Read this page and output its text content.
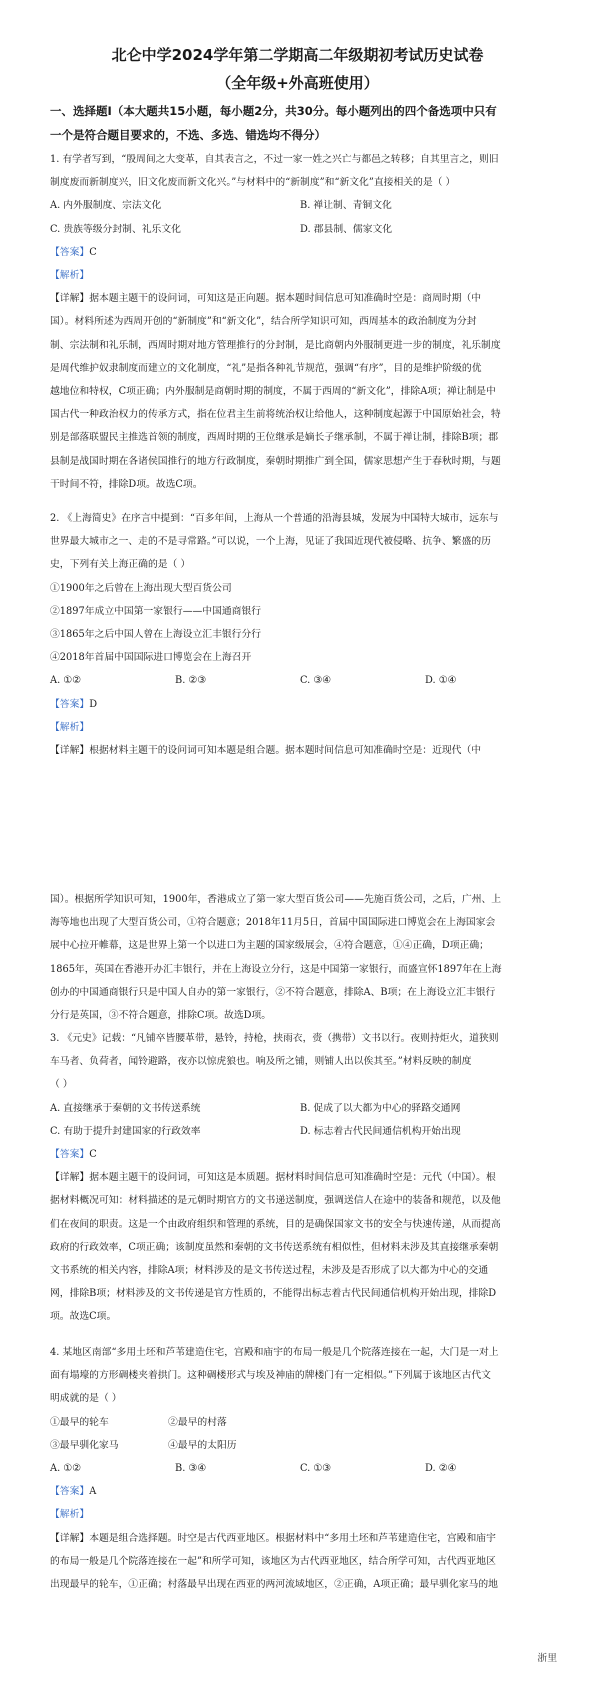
北仑中学2024学年第二学期高二年级期初考试历史试卷
（全年级+外高班使用）

一、选择题Ⅰ（本大题共15小题，每小题2分，共30分。每小题列出的四个备选项中只有

一个是符合题目要求的，不选、多选、错选均不得分）

1. 有学者写到，“殷周间之大变革，自其表言之，不过一家一姓之兴亡与都邑之转移；自其里言之，则旧

制度废而新制度兴，旧文化废而新文化兴。”与材料中的“新制度”和“新文化”直接相关的是（ ）

A. 内外服制度、宗法文化	B. 禅让制、青铜文化
C. 贵族等级分封制、礼乐文化	D. 郡县制、儒家文化
【答案】C
【解析】

【详解】据本题主题干的设问词，可知这是正向题。据本题时间信息可知准确时空是：商周时期（中

国）。材料所述为西周开创的“新制度”和“新文化”，结合所学知识可知，西周基本的政治制度为分封

制、宗法制和礼乐制，西周时期对地方管理推行的分封制，是比商朝内外服制更进一步的制度，礼乐制度

是周代维护奴隶制度而建立的文化制度，“礼”是指各种礼节规范，强调“有序”，目的是维护阶级的优

越地位和特权，C项正确；内外服制是商朝时期的制度，不属于西周的“新文化”，排除A项；禅让制是中

国古代一种政治权力的传承方式，指在位君主生前将统治权让给他人，这种制度起源于中国原始社会，特

别是部落联盟民主推选首领的制度，西周时期的王位继承是嫡长子继承制，不属于禅让制，排除B项；郡

县制是战国时期在各诸侯国推行的地方行政制度，秦朝时期推广到全国，儒家思想产生于春秋时期，与题

干时间不符，排除D项。故选C项。

2. 《上海简史》在序言中提到：“百多年间，上海从一个普通的沿海县城，发展为中国特大城市，远东与

世界最大城市之一、走的不是寻常路。”可以说，一个上海，见证了我国近现代被侵略、抗争、繁盛的历

史，下列有关上海正确的是（ ）

①1900年之后曾在上海出现大型百货公司
②1897年成立中国第一家银行——中国通商银行
③1865年之后中国人曾在上海设立汇丰银行分行
④2018年首届中国国际进口博览会在上海召开
A. ①②	B. ②③	C. ③④	D. ①④
【答案】D
【解析】

【详解】根据材料主题干的设问词可知本题是组合题。据本题时间信息可知准确时空是：近现代（中

国）。根据所学知识可知，1900年，香港成立了第一家大型百货公司——先施百货公司，之后，广州、上

海等地也出现了大型百货公司，①符合题意；2018年11月5日，首届中国国际进口博览会在上海国家会

展中心拉开帷幕，这是世界上第一个以进口为主题的国家级展会，④符合题意，①④正确，D项正确；

1865年，英国在香港开办汇丰银行，并在上海设立分行，这是中国第一家银行，而盛宣怀1897年在上海

创办的中国通商银行只是中国人自办的第一家银行，②不符合题意，排除A、B项；在上海设立汇丰银行

分行是英国，③不符合题意，排除C项。故选D项。

3. 《元史》记载：“凡铺卒皆腰革带，悬铃，持枪，挟雨衣，赍（携带）文书以行。夜则持炬火，道狭则

车马者、负荷者，闻铃避路，夜亦以惊虎狼也。响及所之铺，则铺人出以俟其至。”材料反映的制度

（ ）

A. 直接继承于秦朝的文书传送系统	B. 促成了以大都为中心的驿路交通网
C. 有助于提升封建国家的行政效率	D. 标志着古代民间通信机构开始出现
【答案】C

【详解】据本题主题干的设问词，可知这是本质题。据材料时间信息可知准确时空是：元代（中国）。根

据材料概况可知：材料描述的是元朝时期官方的文书递送制度，强调送信人在途中的装备和规范，以及他

们在夜间的职责。这是一个由政府组织和管理的系统，目的是确保国家文书的安全与快速传递，从而提高

政府的行政效率，C项正确；该制度虽然和秦朝的文书传送系统有相似性，但材料未涉及其直接继承秦朝

文书系统的相关内容，排除A项；材料涉及的是文书传送过程，未涉及是否形成了以大都为中心的交通

网，排除B项；材料涉及的文书传递是官方性质的，不能得出标志着古代民间通信机构开始出现，排除D

项。故选C项。

4. 某地区南部“多用土坯和芦苇建造住宅，宫殿和庙宇的布局一般是几个院落连接在一起，大门是一对上

面有塌壕的方形碉楼夹着拱门。这种碉楼形式与埃及神庙的牌楼门有一定相似。”下列属于该地区古代文

明成就的是（ ）

①最早的轮车	②最早的村落
③最早驯化家马	④最早的太阳历
A. ①②	B. ③④	C. ①③	D. ②④
【答案】A
【解析】

【详解】本题是组合选择题。时空是古代西亚地区。根据材料中“多用土坯和芦苇建造住宅，宫殿和庙宇

的布局一般是几个院落连接在一起”和所学可知，该地区为古代西亚地区，结合所学可知，古代西亚地区

出现最早的轮车，①正确；村落最早出现在西亚的两河流域地区，②正确，A项正确；最早驯化家马的地

浙里
